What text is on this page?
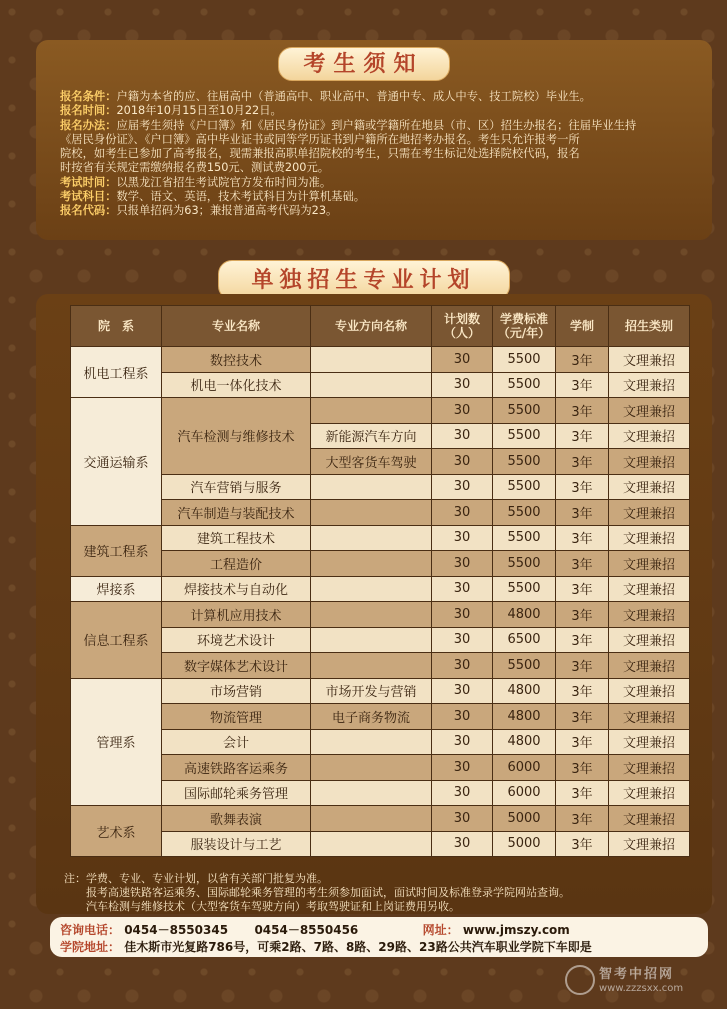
考生须知
报名条件： 户籍为本省的应、往届高中（普通高中、职业高中、普通中专、成人中专、技工院校）毕业生。
报名时间： 2018年10月15日至10月22日。
报名办法： 应届考生须持《户口簿》和《居民身份证》到户籍或学籍所在地县（市、区）招生办报名；往届毕业生持
《居民身份证》、《户口簿》高中毕业证书或同等学历证书到户籍所在地招考办报名。考生只允许报考一所
院校，如考生已参加了高考报名，现需兼报高职单招院校的考生，只需在考生标记处选择院校代码，报名
时按省有关规定需缴纳报名费150元、测试费200元。
考试时间： 以黑龙江省招生考试院官方发布时间为准。
考试科目： 数学、语文、英语，技术考试科目为计算机基础。
报名代码： 只报单招码为63；兼报普通高考代码为23。
单独招生专业计划
院　系	专业名称	专业方向名称	计划数（人）	学费标准（元/年）	学制	招生类别
机电工程系	数控技术		30	5500	3年	文理兼招
	机电一体化技术		30	5500	3年	文理兼招
交通运输系	汽车检测与维修技术		30	5500	3年	文理兼招
		新能源汽车方向	30	5500	3年	文理兼招
		大型客货车驾驶	30	5500	3年	文理兼招
	汽车营销与服务		30	5500	3年	文理兼招
	汽车制造与装配技术		30	5500	3年	文理兼招
建筑工程系	建筑工程技术		30	5500	3年	文理兼招
	工程造价		30	5500	3年	文理兼招
焊接系	焊接技术与自动化		30	5500	3年	文理兼招
信息工程系	计算机应用技术		30	4800	3年	文理兼招
	环境艺术设计		30	6500	3年	文理兼招
	数字媒体艺术设计		30	5500	3年	文理兼招
管理系	市场营销	市场开发与营销	30	4800	3年	文理兼招
	物流管理	电子商务物流	30	4800	3年	文理兼招
	会计		30	4800	3年	文理兼招
	高速铁路客运乘务		30	6000	3年	文理兼招
	国际邮轮乘务管理		30	6000	3年	文理兼招
艺术系	歌舞表演		30	5000	3年	文理兼招
	服装设计与工艺		30	5000	3年	文理兼招
注：学费、专业、专业计划，以省有关部门批复为准。
报考高速铁路客运乘务、国际邮轮乘务管理的考生须参加面试，面试时间及标准登录学院网站查询。
汽车检测与维修技术（大型客货车驾驶方向）考取驾驶证和上岗证费用另收。
咨询电话： 0454－8550345 0454－8550456	网址： www.jmszy.com
学院地址： 佳木斯市光复路786号，可乘2路、7路、8路、29路、23路公共汽车职业学院下车即是
智考中招网
www.zzzsxx.com
